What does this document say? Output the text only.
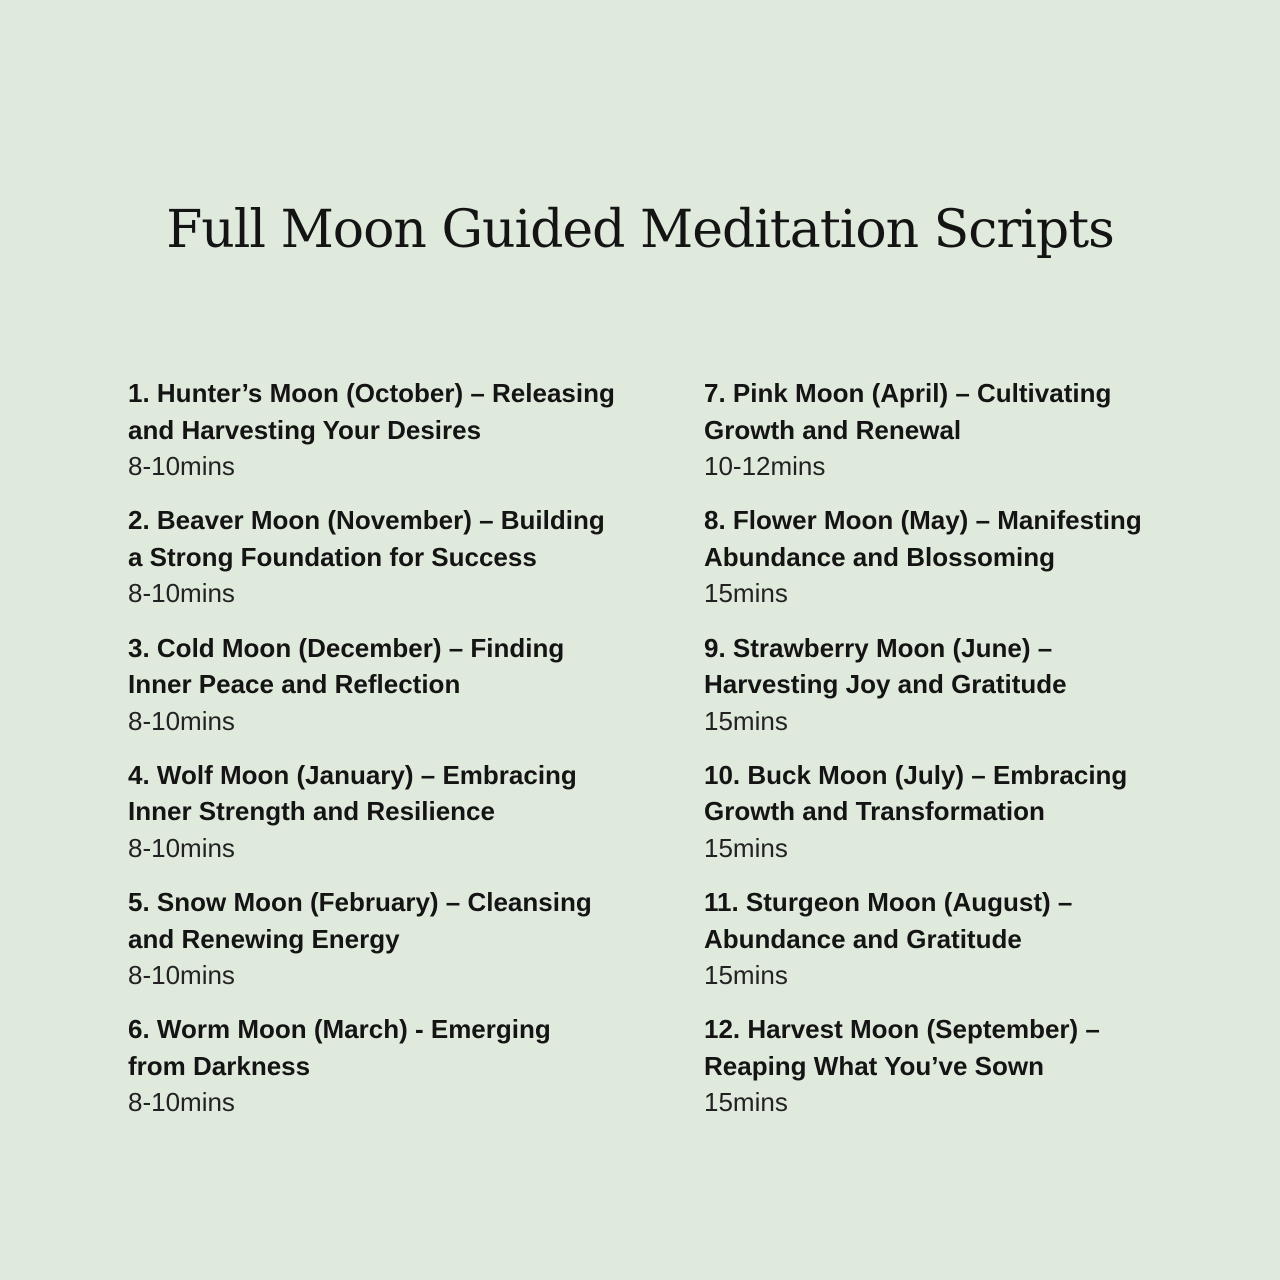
Full Moon Guided Meditation Scripts
1. Hunter’s Moon (October) – Releasing
and Harvesting Your Desires
8-10mins
2. Beaver Moon (November) – Building
a Strong Foundation for Success
8-10mins
3. Cold Moon (December) – Finding
Inner Peace and Reflection
8-10mins
4. Wolf Moon (January) – Embracing
Inner Strength and Resilience
8-10mins
5. Snow Moon (February) – Cleansing
and Renewing Energy
8-10mins
6. Worm Moon (March) - Emerging
from Darkness
8-10mins
7. Pink Moon (April) – Cultivating
Growth and Renewal
10-12mins
8. Flower Moon (May) – Manifesting
Abundance and Blossoming
15mins
9. Strawberry Moon (June) –
Harvesting Joy and Gratitude
15mins
10. Buck Moon (July) – Embracing
Growth and Transformation
15mins
11. Sturgeon Moon (August) –
Abundance and Gratitude
15mins
12. Harvest Moon (September) –
Reaping What You’ve Sown
15mins
